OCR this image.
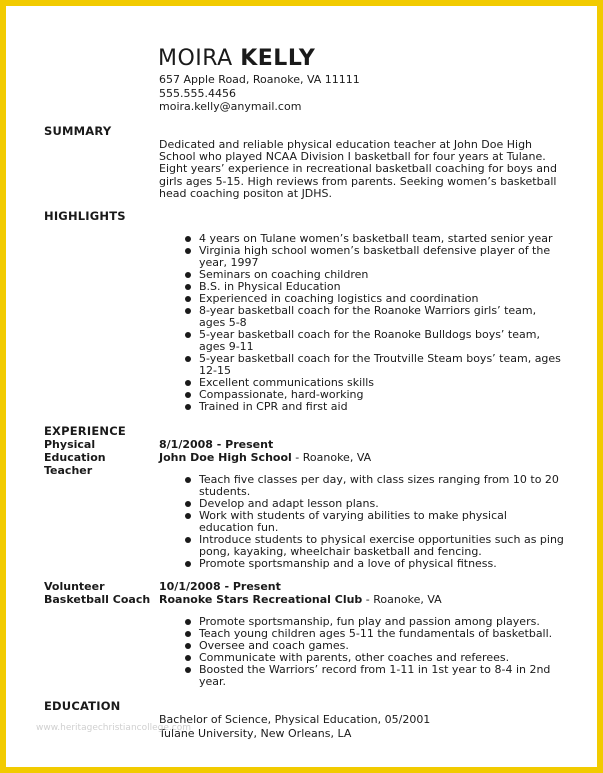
MOIRA KELLY
657 Apple Road, Roanoke, VA 11111
555.555.4456
moira.kelly@anymail.com
SUMMARY
Dedicated and reliable physical education teacher at John Doe High School who played NCAA Division I basketball for four years at Tulane. Eight years’ experience in recreational basketball coaching for boys and girls ages 5-15. High reviews from parents. Seeking women’s basketball head coaching positon at JDHS.
HIGHLIGHTS
4 years on Tulane women’s basketball team, started senior year
Virginia high school women’s basketball defensive player of the year, 1997
Seminars on coaching children
B.S. in Physical Education
Experienced in coaching logistics and coordination
8-year basketball coach for the Roanoke Warriors girls’ team, ages 5-8
5-year basketball coach for the Roanoke Bulldogs boys’ team, ages 9-11
5-year basketball coach for the Troutville Steam boys’ team, ages 12-15
Excellent communications skills
Compassionate, hard-working
Trained in CPR and first aid
EXPERIENCE
Physical Education Teacher
8/1/2008 - Present
John Doe High School - Roanoke, VA
Teach five classes per day, with class sizes ranging from 10 to 20 students.
Develop and adapt lesson plans.
Work with students of varying abilities to make physical education fun.
Introduce students to physical exercise opportunities such as ping pong, kayaking, wheelchair basketball and fencing.
Promote sportsmanship and a love of physical fitness.
Volunteer Basketball Coach
10/1/2008 - Present
Roanoke Stars Recreational Club - Roanoke, VA
Promote sportsmanship, fun play and passion among players.
Teach young children ages 5-11 the fundamentals of basketball.
Oversee and coach games.
Communicate with parents, other coaches and referees.
Boosted the Warriors’ record from 1-11 in 1st year to 8-4 in 2nd year.
EDUCATION
Bachelor of Science, Physical Education, 05/2001
Tulane University, New Orleans, LA
www.heritagechristiancollege.com
